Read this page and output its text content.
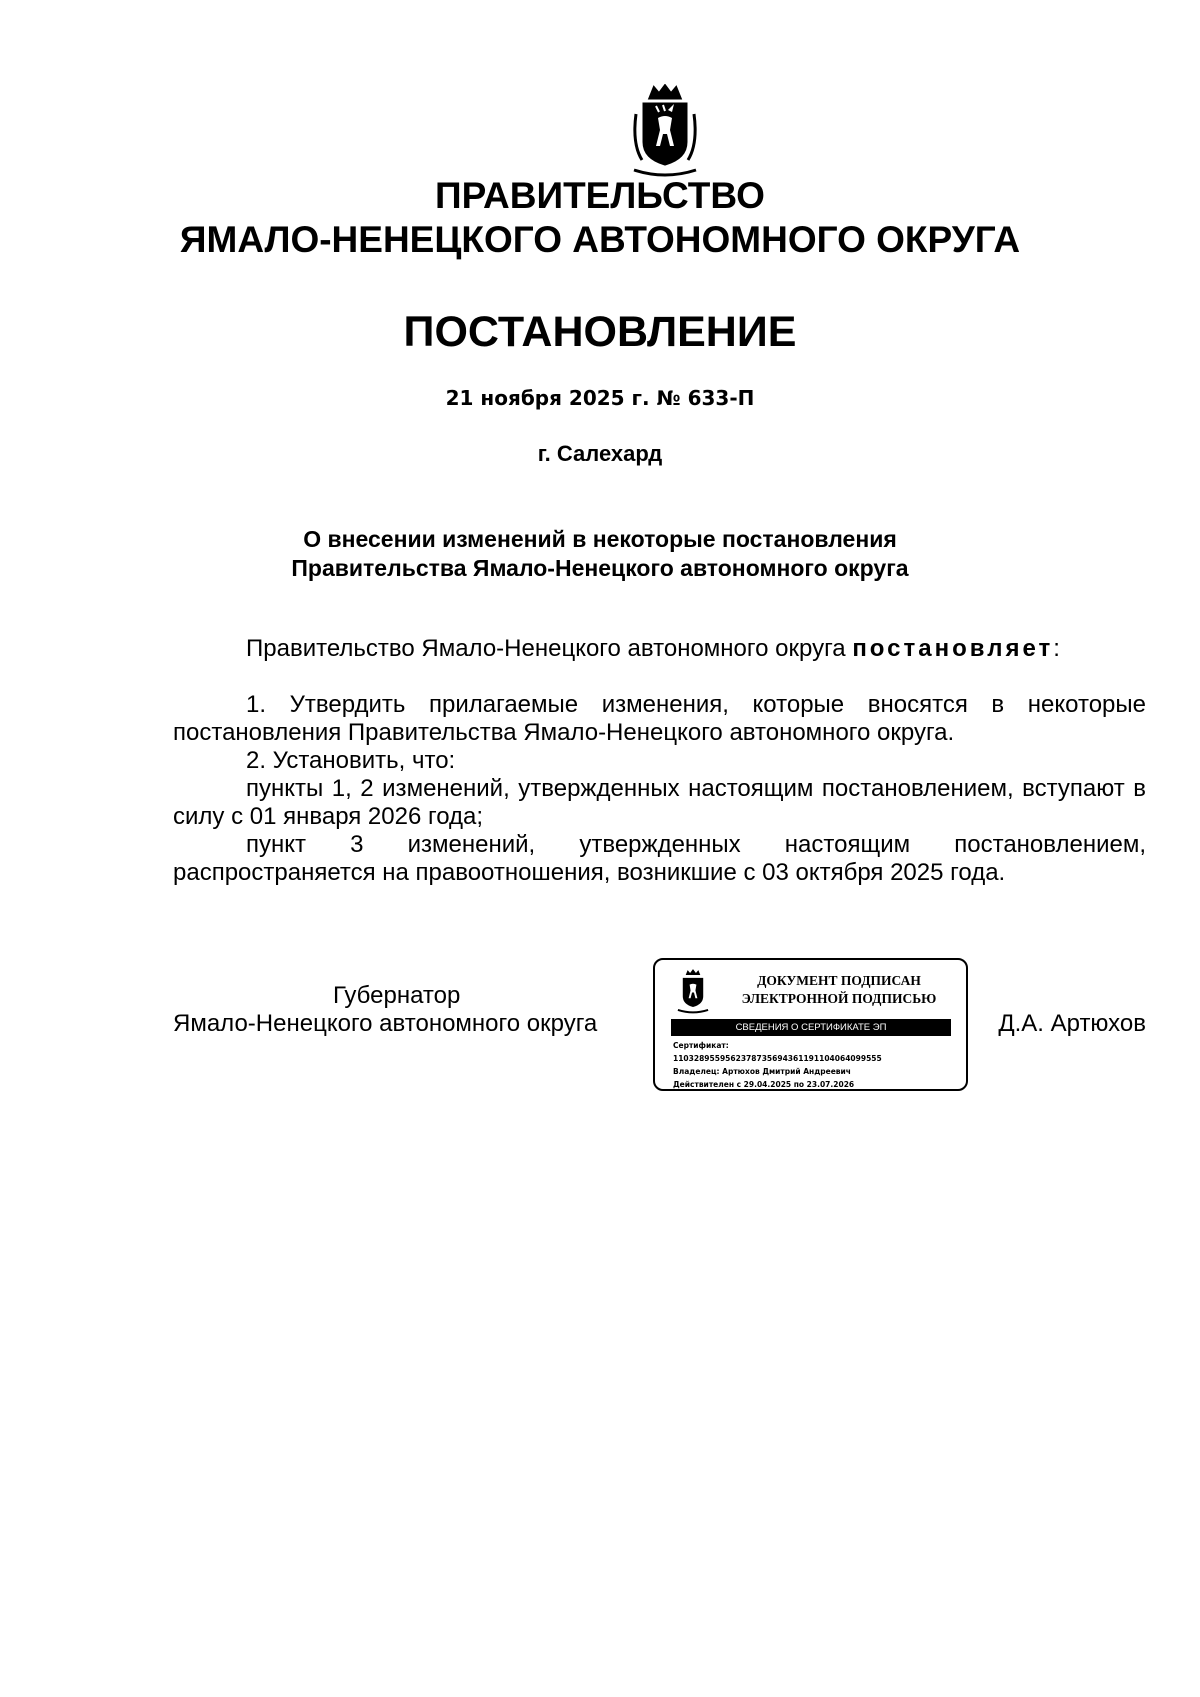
ПРАВИТЕЛЬСТВО
ЯМАЛО-НЕНЕЦКОГО АВТОНОМНОГО ОКРУГА
ПОСТАНОВЛЕНИЕ
21 ноября 2025 г. № 633-П
г. Салехард
О внесении изменений в некоторые постановления
Правительства Ямало-Ненецкого автономного округа

Правительство Ямало-Ненецкого автономного округа постановляет:

1. Утвердить прилагаемые изменения, которые вносятся в некоторые постановления Правительства Ямало-Ненецкого автономного округа.

2. Установить, что:

пункты 1, 2 изменений, утвержденных настоящим постановлением, вступают в силу с 01 января 2026 года;

пункт 3 изменений, утвержденных настоящим постановлением, распространяется на правоотношения, возникшие с 03 октября 2025 года.

Губернатор
Ямало-Ненецкого автономного округа
ДОКУМЕНТ ПОДПИСАН
ЭЛЕКТРОННОЙ ПОДПИСЬЮ
СВЕДЕНИЯ О СЕРТИФИКАТЕ ЭП
Сертификат:
1103289559562378735694361191104064099555
Владелец: Артюхов Дмитрий Андреевич
Действителен с 29.04.2025 по 23.07.2026
Д.А. Артюхов
